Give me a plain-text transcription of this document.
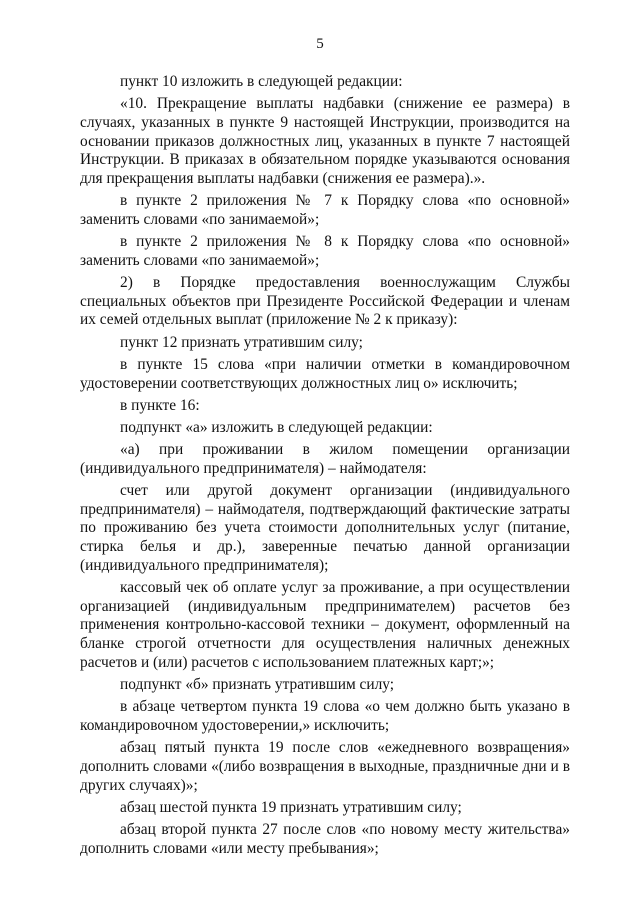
5

пункт 10 изложить в следующей редакции:

«10. Прекращение выплаты надбавки (снижение ее размера) в случаях, указанных в пункте 9 настоящей Инструкции, производится на основании приказов должностных лиц, указанных в пункте 7 настоящей Инструкции. В приказах в обязательном порядке указываются основания для прекращения выплаты надбавки (снижения ее размера).».

в пункте 2 приложения № 7 к Порядку слова «по основной» заменить словами «по занимаемой»;

в пункте 2 приложения № 8 к Порядку слова «по основной» заменить словами «по занимаемой»;

2) в Порядке предоставления военнослужащим Службы специальных объектов при Президенте Российской Федерации и членам их семей отдельных выплат (приложение № 2 к приказу):

пункт 12 признать утратившим силу;

в пункте 15 слова «при наличии отметки в командировочном удостоверении соответствующих должностных лиц о» исключить;

в пункте 16:

подпункт «а» изложить в следующей редакции:

«а) при проживании в жилом помещении организации (индивидуального предпринимателя) – наймодателя:

счет или другой документ организации (индивидуального предпринимателя) – наймодателя, подтверждающий фактические затраты по проживанию без учета стоимости дополнительных услуг (питание, стирка белья и др.), заверенные печатью данной организации (индивидуального предпринимателя);

кассовый чек об оплате услуг за проживание, а при осуществлении организацией (индивидуальным предпринимателем) расчетов без применения контрольно-кассовой техники – документ, оформленный на бланке строгой отчетности для осуществления наличных денежных расчетов и (или) расчетов с использованием платежных карт;»;

подпункт «б» признать утратившим силу;

в абзаце четвертом пункта 19 слова «о чем должно быть указано в командировочном удостоверении,» исключить;

абзац пятый пункта 19 после слов «ежедневного возвращения» дополнить словами «(либо возвращения в выходные, праздничные дни и в других случаях)»;

абзац шестой пункта 19 признать утратившим силу;

абзац второй пункта 27 после слов «по новому месту жительства» дополнить словами «или месту пребывания»;
